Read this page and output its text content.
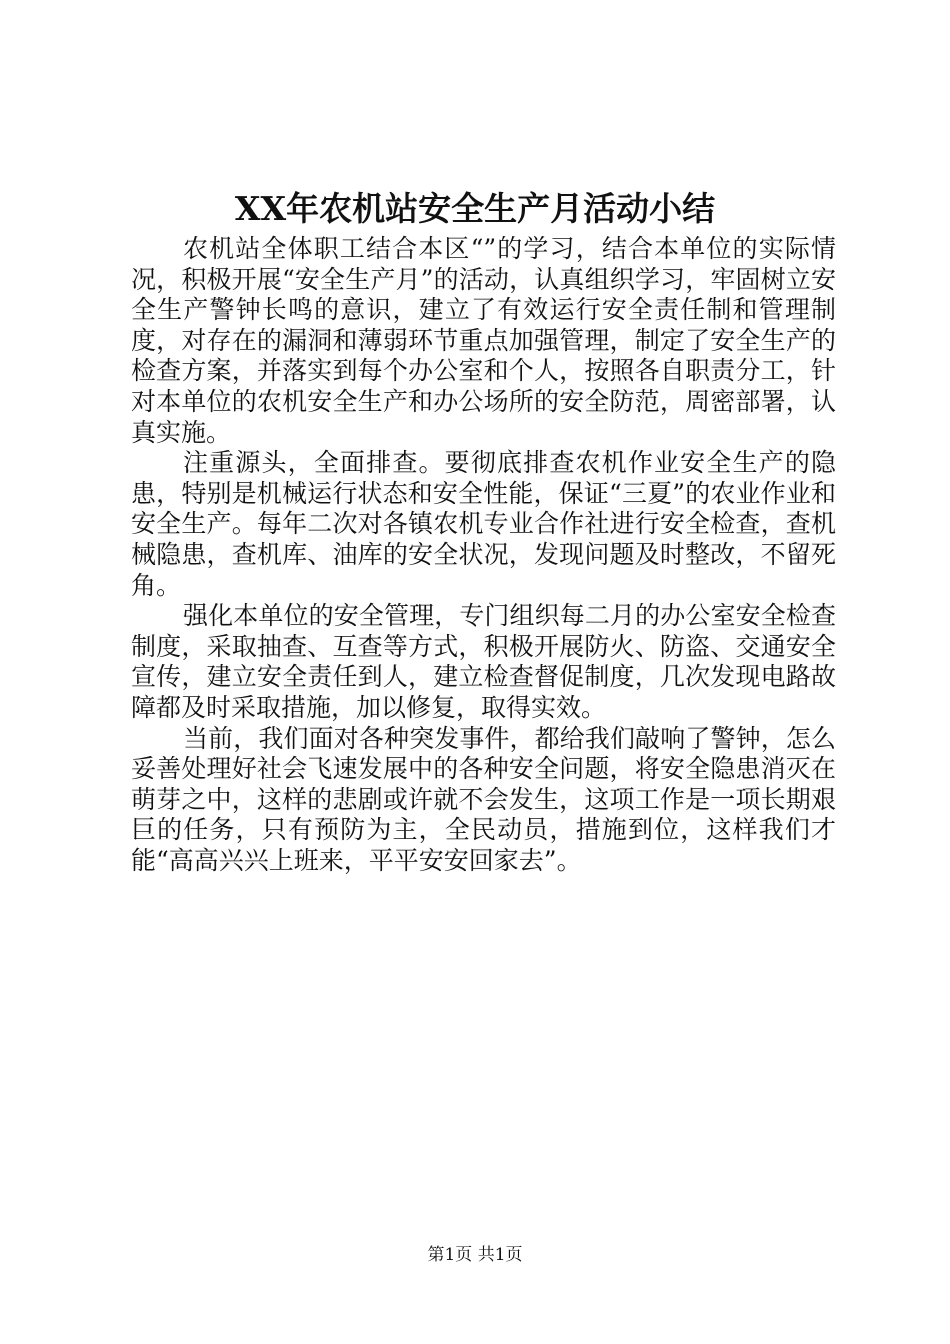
XX年农机站安全生产月活动小结

农机站全体职工结合本区“”的学习，结合本单位的实际情况，积极开展“安全生产月”的活动，认真组织学习，牢固树立安全生产警钟长鸣的意识，建立了有效运行安全责任制和管理制度，对存在的漏洞和薄弱环节重点加强管理，制定了安全生产的检查方案，并落实到每个办公室和个人，按照各自职责分工，针对本单位的农机安全生产和办公场所的安全防范，周密部署，认真实施。

注重源头，全面排查。要彻底排查农机作业安全生产的隐患，特别是机械运行状态和安全性能，保证“三夏”的农业作业和安全生产。每年二次对各镇农机专业合作社进行安全检查，查机械隐患，查机库、油库的安全状况，发现问题及时整改，不留死角。

强化本单位的安全管理，专门组织每二月的办公室安全检查制度，采取抽查、互查等方式，积极开展防火、防盗、交通安全宣传，建立安全责任到人，建立检查督促制度，几次发现电路故障都及时采取措施，加以修复，取得实效。

当前，我们面对各种突发事件，都给我们敲响了警钟，怎么妥善处理好社会飞速发展中的各种安全问题，将安全隐患消灭在萌芽之中，这样的悲剧或许就不会发生，这项工作是一项长期艰巨的任务，只有预防为主，全民动员，措施到位，这样我们才能“高高兴兴上班来，平平安安回家去”。

第1页 共1页
